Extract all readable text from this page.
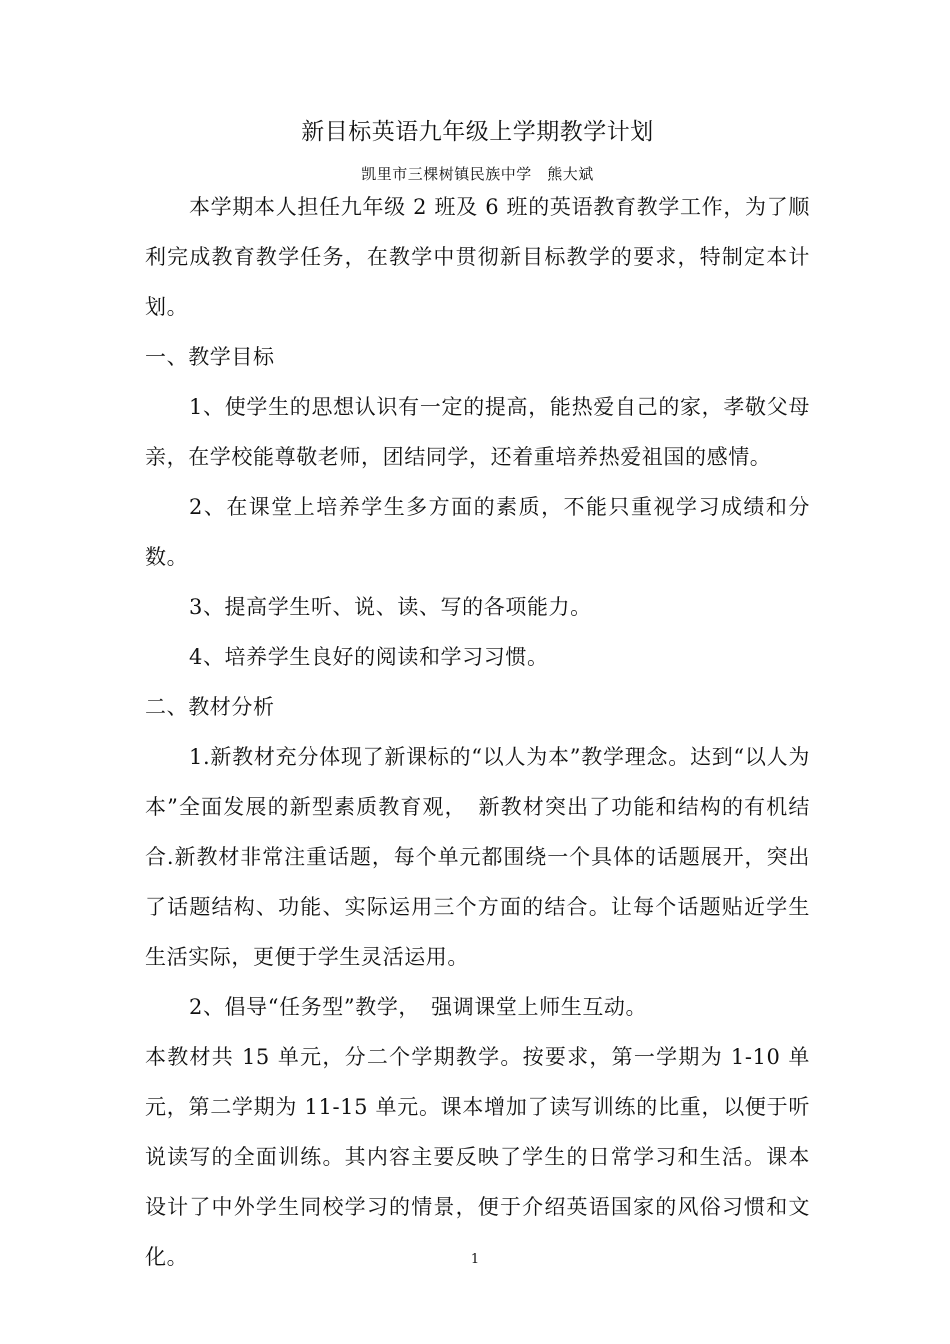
新目标英语九年级上学期教学计划

凯里市三棵树镇民族中学　熊大斌

本学期本人担任九年级 2 班及 6 班的英语教育教学工作，为了顺利完成教育教学任务，在教学中贯彻新目标教学的要求，特制定本计划。

一、教学目标

1、使学生的思想认识有一定的提高，能热爱自己的家，孝敬父母亲，在学校能尊敬老师，团结同学，还着重培养热爱祖国的感情。

2、在课堂上培养学生多方面的素质，不能只重视学习成绩和分数。

3、提高学生听、说、读、写的各项能力。

4、培养学生良好的阅读和学习习惯。

二、教材分析

1.新教材充分体现了新课标的“以人为本”教学理念。达到“以人为本”全面发展的新型素质教育观，　新教材突出了功能和结构的有机结合.新教材非常注重话题，每个单元都围绕一个具体的话题展开，突出了话题结构、功能、实际运用三个方面的结合。让每个话题贴近学生生活实际，更便于学生灵活运用。

2、倡导“任务型”教学，　强调课堂上师生互动。

本教材共 15 单元，分二个学期教学。按要求，第一学期为 1-10 单元，第二学期为 11-15 单元。课本增加了读写训练的比重，以便于听说读写的全面训练。其内容主要反映了学生的日常学习和生活。课本设计了中外学生同校学习的情景，便于介绍英语国家的风俗习惯和文化。	1
